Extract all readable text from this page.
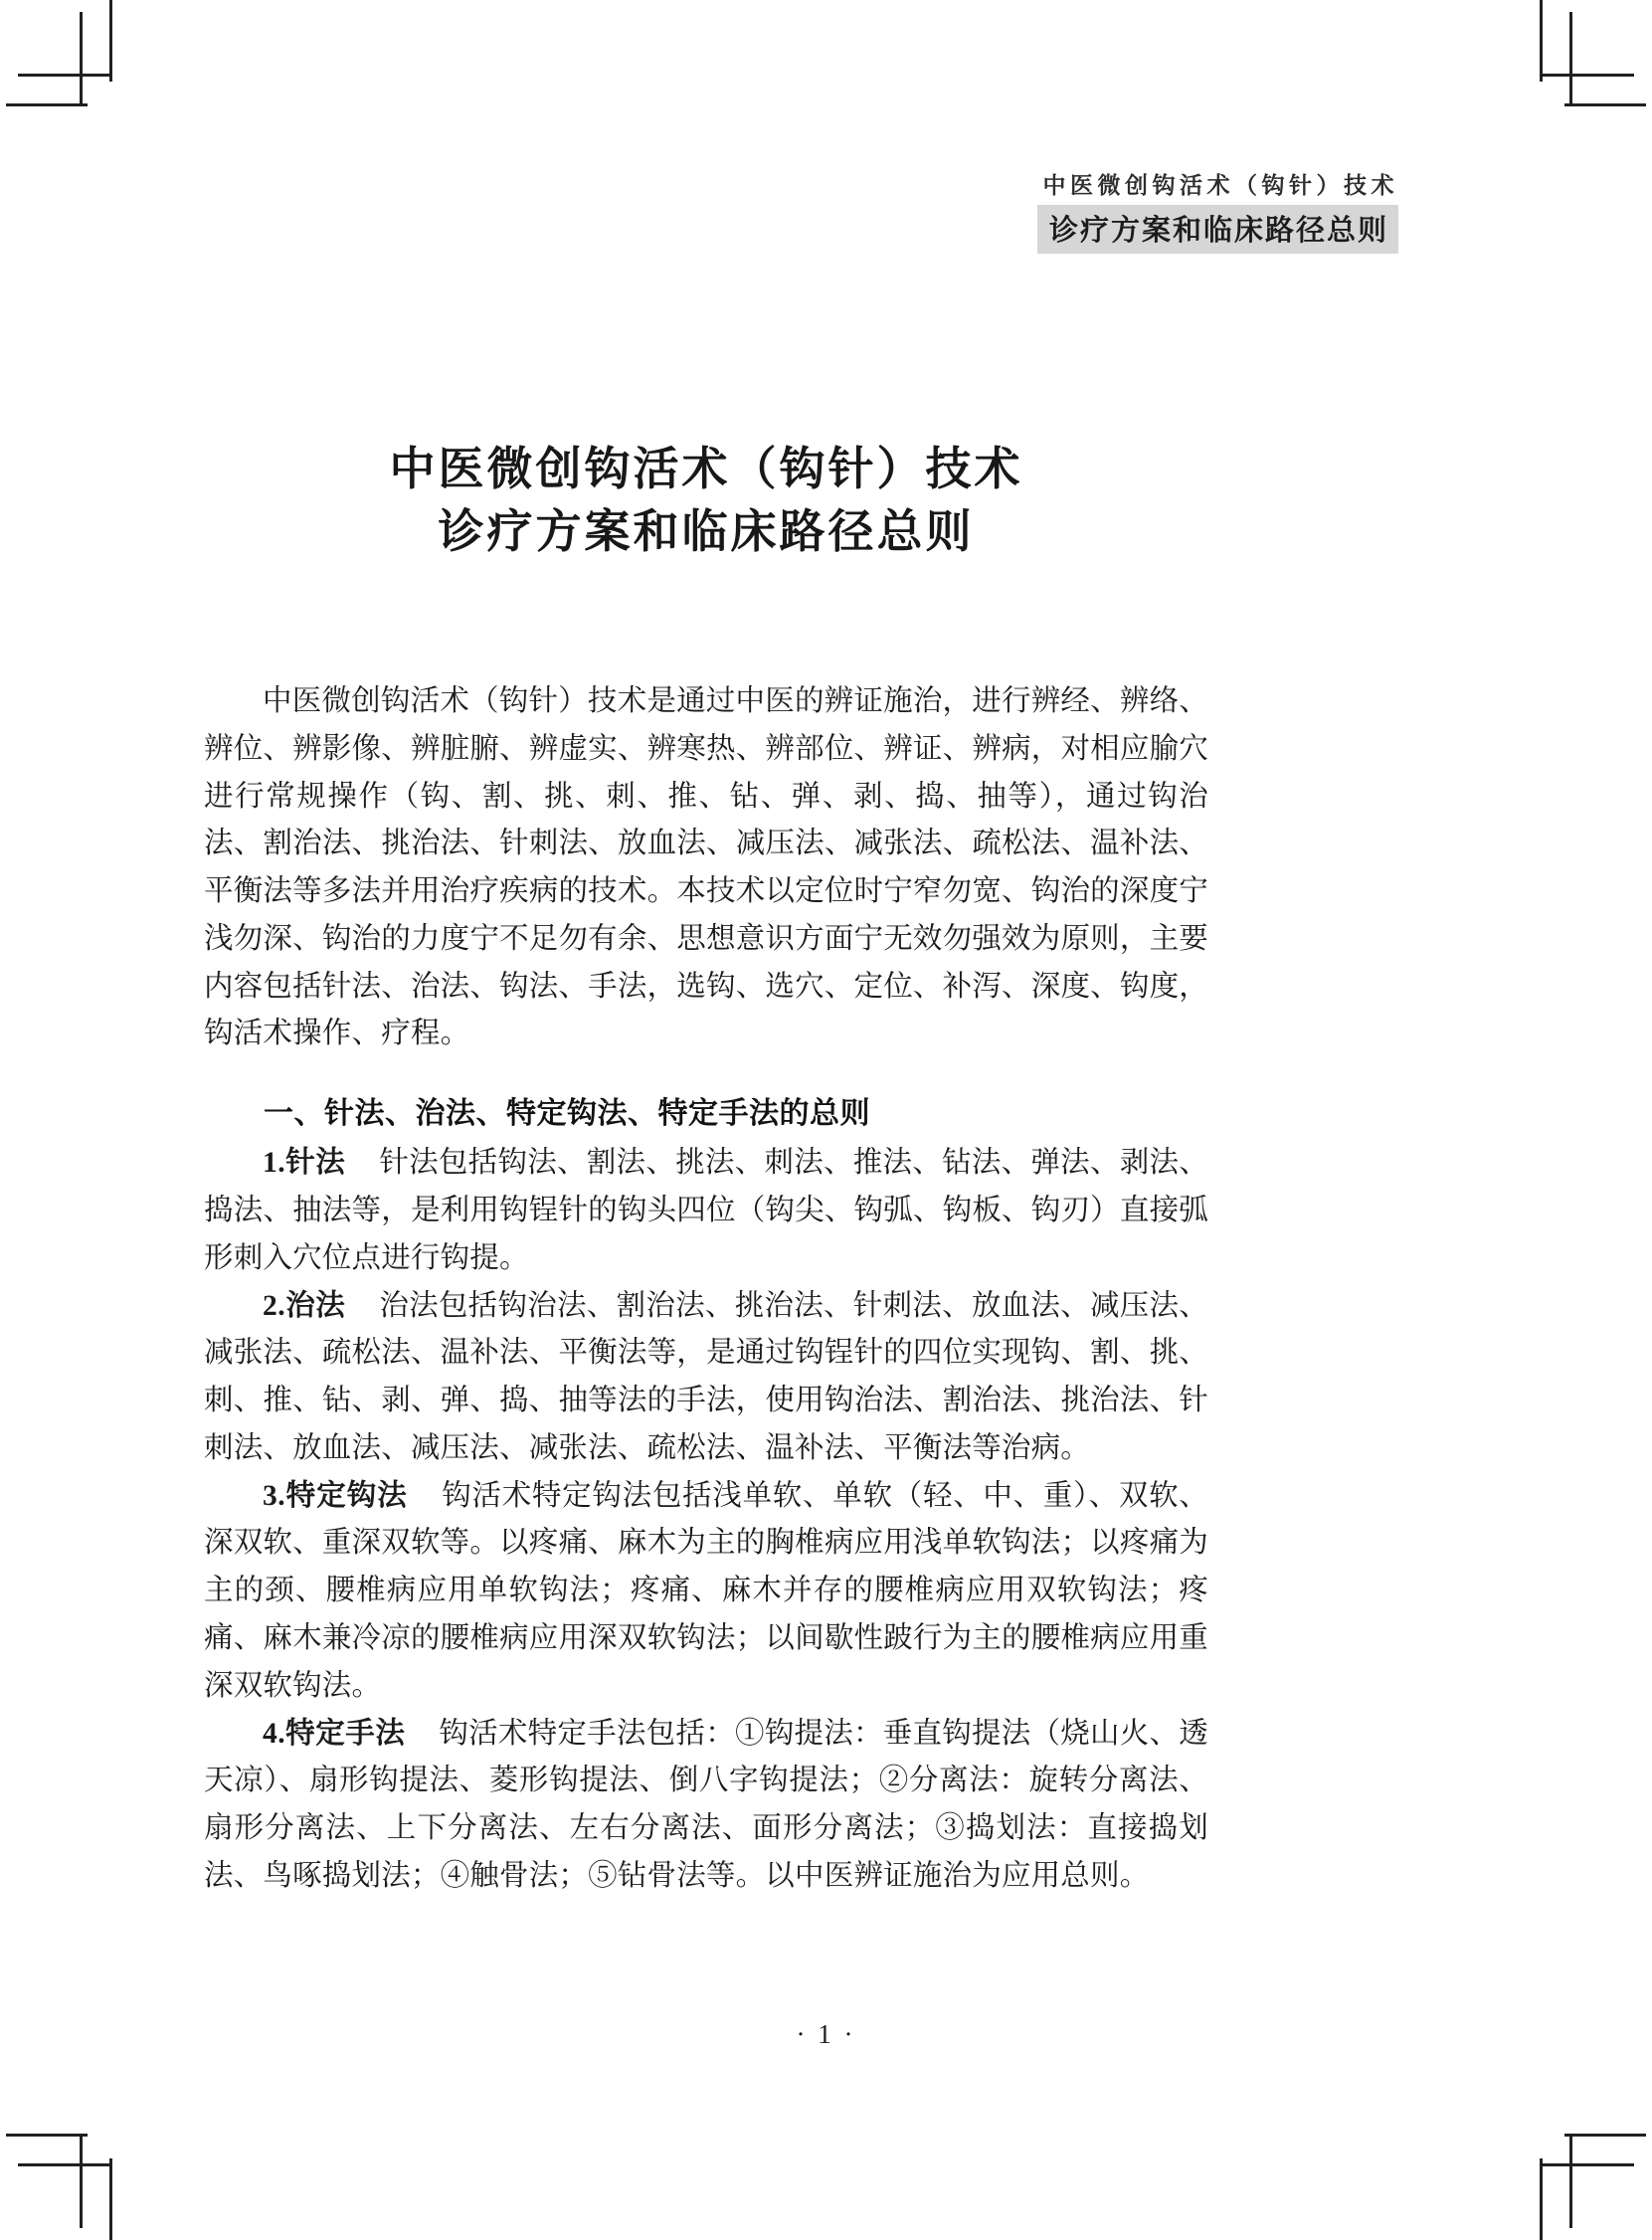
中医微创钩活术（钩针）技术
诊疗方案和临床路径总则
中医微创钩活术（钩针）技术
诊疗方案和临床路径总则

中医微创钩活术（钩针）技术是通过中医的辨证施治，进行辨经、辨络、辨位、辨影像、辨脏腑、辨虚实、辨寒热、辨部位、辨证、辨病，对相应腧穴进行常规操作（钩、割、挑、刺、推、钻、弹、剥、捣、抽等），通过钩治法、割治法、挑治法、针刺法、放血法、减压法、减张法、疏松法、温补法、平衡法等多法并用治疗疾病的技术。本技术以定位时宁窄勿宽、钩治的深度宁浅勿深、钩治的力度宁不足勿有余、思想意识方面宁无效勿强效为原则，主要内容包括针法、治法、钩法、手法，选钩、选穴、定位、补泻、深度、钩度，钩活术操作、疗程。

一、针法、治法、特定钩法、特定手法的总则

1.针法 针法包括钩法、割法、挑法、刺法、推法、钻法、弹法、剥法、捣法、抽法等，是利用钩锃针的钩头四位（钩尖、钩弧、钩板、钩刃）直接弧形刺入穴位点进行钩提。

2.治法 治法包括钩治法、割治法、挑治法、针刺法、放血法、减压法、减张法、疏松法、温补法、平衡法等，是通过钩锃针的四位实现钩、割、挑、刺、推、钻、剥、弹、捣、抽等法的手法，使用钩治法、割治法、挑治法、针刺法、放血法、减压法、减张法、疏松法、温补法、平衡法等治病。

3.特定钩法 钩活术特定钩法包括浅单软、单软（轻、中、重）、双软、深双软、重深双软等。以疼痛、麻木为主的胸椎病应用浅单软钩法；以疼痛为主的颈、腰椎病应用单软钩法；疼痛、麻木并存的腰椎病应用双软钩法；疼痛、麻木兼冷凉的腰椎病应用深双软钩法；以间歇性跛行为主的腰椎病应用重深双软钩法。

4.特定手法 钩活术特定手法包括：①钩提法：垂直钩提法（烧山火、透天凉）、扇形钩提法、菱形钩提法、倒八字钩提法；②分离法：旋转分离法、扇形分离法、上下分离法、左右分离法、面形分离法；③捣划法：直接捣划法、鸟啄捣划法；④触骨法；⑤钻骨法等。以中医辨证施治为应用总则。

· 1 ·
